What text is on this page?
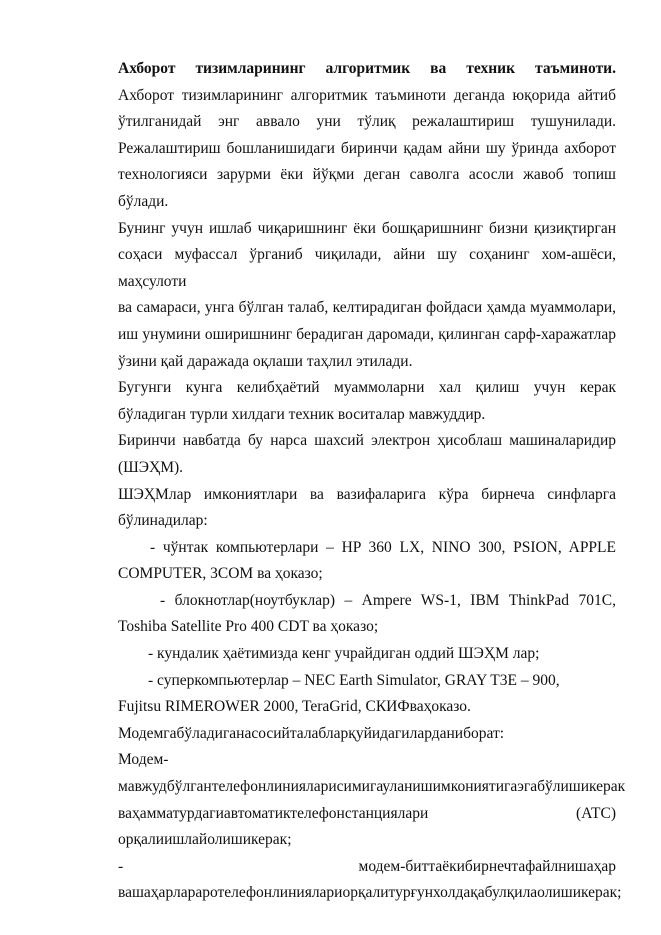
Ахборот тизимларининг алгоритмик ва техник таъминоти.

Ахборот тизимларининг алгоритмик таъминоти деганда юқорида айтиб

ўтилганидай энг аввало уни тўлиқ режалаштириш тушунилади.

Режалаштириш бошланишидаги биринчи қадам айни шу ўринда ахборот

технологияси зарурми ёки йўқми деган саволга асосли жавоб топиш бўлади.

Бунинг учун ишлаб чиқаришнинг ёки бошқаришнинг бизни қизиқтирган

соҳаси муфассал ўрганиб чиқилади, айни шу соҳанинг хом-ашёси, маҳсулоти

ва самараси, унга бўлган талаб, келтирадиган фойдаси ҳамда муаммолари,

иш унумини оширишнинг берадиган даромади, қилинган сарф-харажатлар

ўзини қай даражада оқлаши таҳлил этилади.

Бугунги кунга келибҳаётий муаммоларни хал қилиш учун керак

бўладиган турли хилдаги техник воситалар мавжуддир.

Биринчи навбатда бу нарса шахсий электрон ҳисоблаш машиналаридир

(ШЭҲМ).

ШЭҲМлар имкониятлари ва вазифаларига кўра бирнеча синфларга

бўлинадилар:

- чўнтак компьютерлари – HP 360 LX, NINO 300, PSION, APPLE

COMPUTER, 3COM ва ҳоказо;

- блокнотлар(ноутбуклар) – Ampere WS-1, IBM ThinkPad 701C,

Toshiba Satellite Pro 400 CDT ва ҳоказо;

- кундалик ҳаётимизда кенг учрайдиган оддий ШЭҲМ лар;

- суперкомпьютерлар – NEC Earth Simulator, GRAY T3E – 900,

Fujitsu RIMEROWER 2000, TeraGrid, СКИФваҳоказо.

Модемгабўладиганасосийталабларқуйидагиларданиборат:

Модем-

мавжудбўлгантелефонлинияларисимигауланишимкониятигаэгабўлишикерак

ваҳамматурдагиавтоматиктелефонстанциялари	(АТС)

орқалиишлайолишикерак;

-	модем-биттаёкибирнечтафайлнишаҳар

вашаҳарлараротелефонлиниялариорқалитурғунхолдақабулқилаолишикерак;
